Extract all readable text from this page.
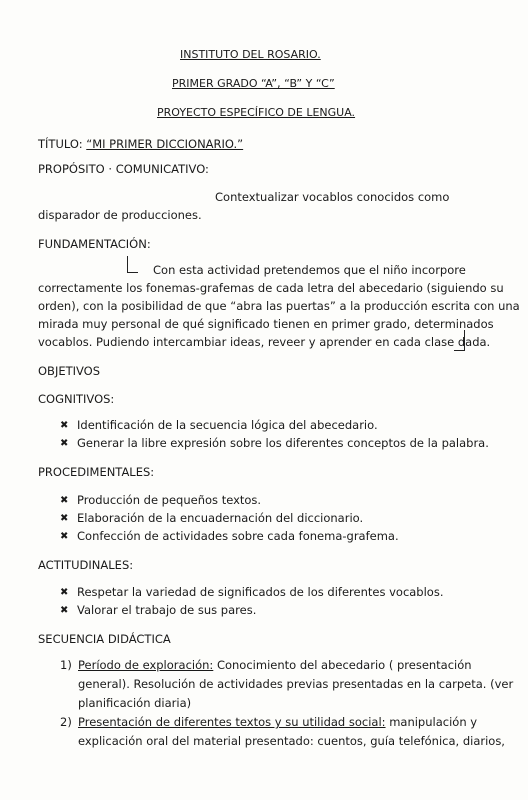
INSTITUTO DEL ROSARIO.
PRIMER GRADO “A”, “B” Y “C”
PROYECTO ESPECÍFICO DE LENGUA.
TÍTULO: “MI PRIMER DICCIONARIO.”
PROPÓSITO · COMUNICATIVO:
Contextualizar vocablos conocidos como
disparador de producciones.
FUNDAMENTACIÓN:
Con esta actividad pretendemos que el niño incorpore
correctamente los fonemas-grafemas de cada letra del abecedario (siguiendo su
orden), con la posibilidad de que “abra las puertas” a la producción escrita con una
mirada muy personal de qué significado tienen en primer grado, determinados
vocablos. Pudiendo intercambiar ideas, reveer y aprender en cada clase dada.
OBJETIVOS
COGNITIVOS:
✖ Identificación de la secuencia lógica del abecedario.
✖ Generar la libre expresión sobre los diferentes conceptos de la palabra.
PROCEDIMENTALES:
✖ Producción de pequeños textos.
✖ Elaboración de la encuadernación del diccionario.
✖ Confección de actividades sobre cada fonema-grafema.
ACTITUDINALES:
✖ Respetar la variedad de significados de los diferentes vocablos.
✖ Valorar el trabajo de sus pares.
SECUENCIA DIDÁCTICA
1) Período de exploración: Conocimiento del abecedario ( presentación
general). Resolución de actividades previas presentadas en la carpeta. (ver
planificación diaria)
2) Presentación de diferentes textos y su utilidad social: manipulación y
explicación oral del material presentado: cuentos, guía telefónica, diarios,
